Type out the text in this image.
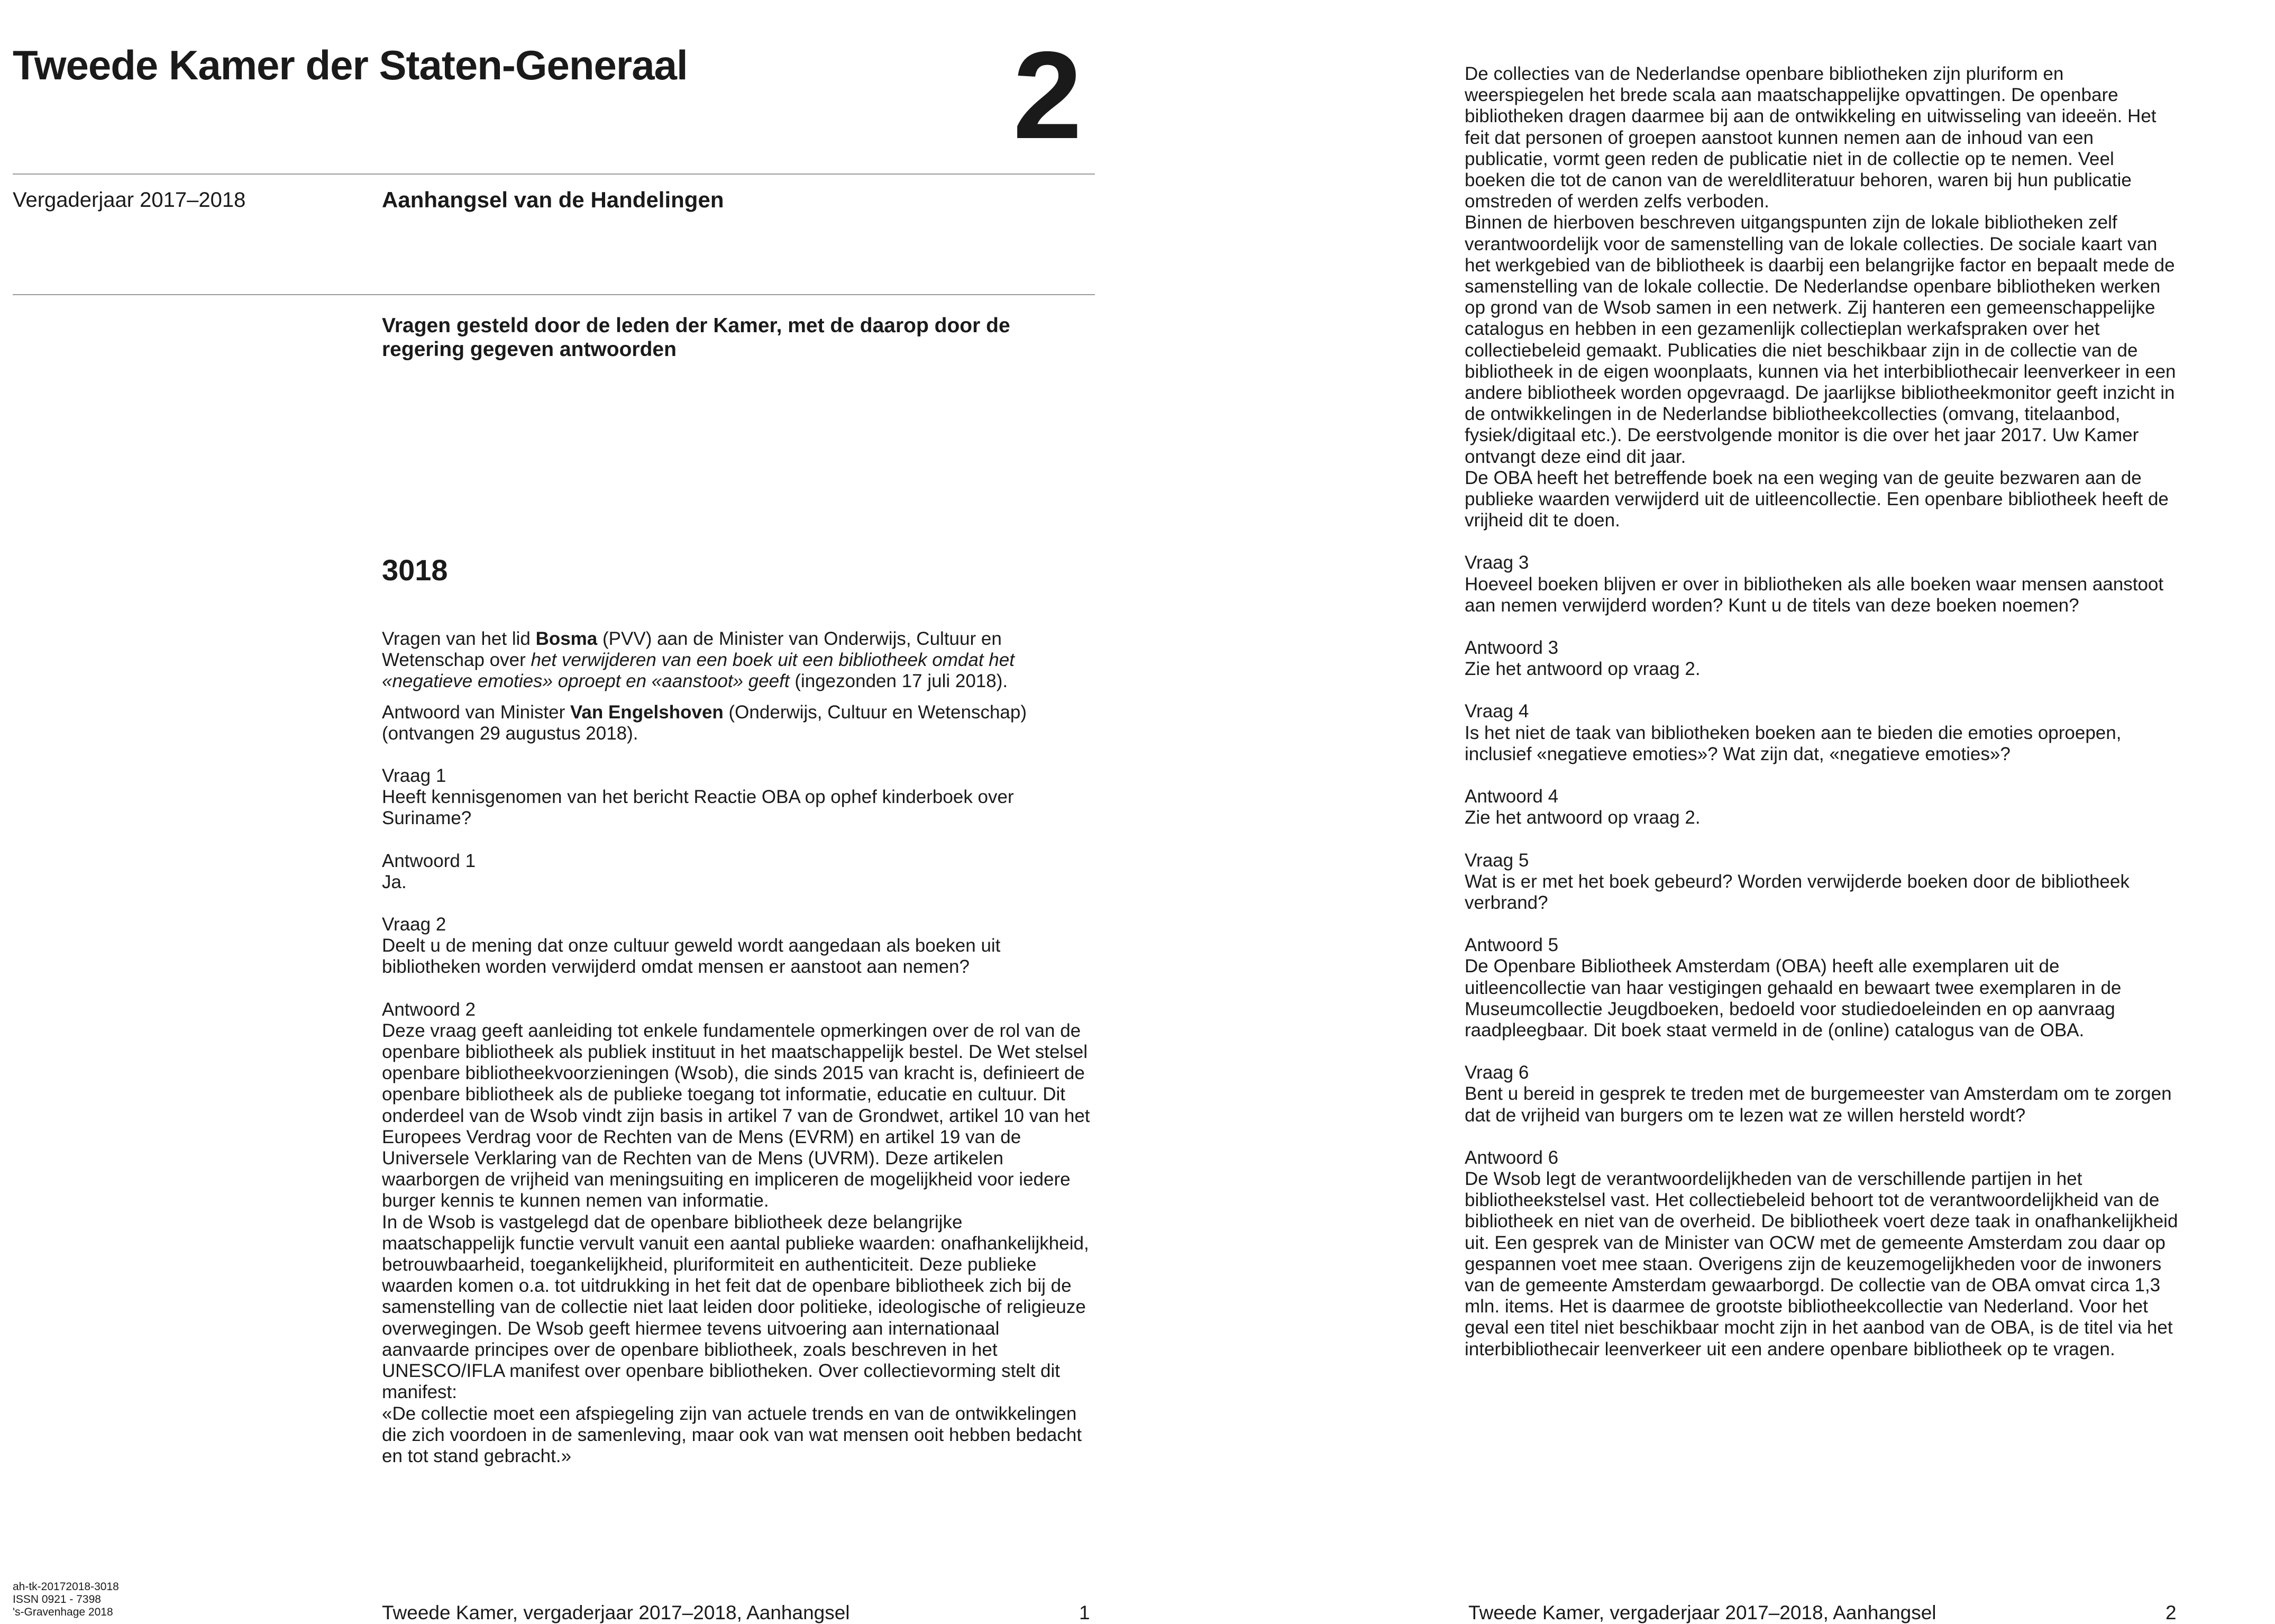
Tweede Kamer der Staten-Generaal	2
Vergaderjaar 2017–2018	Aanhangsel van de Handelingen
Vragen gesteld door de leden der Kamer, met de daarop door de regering gegeven antwoorden
3018

Vragen van het lid Bosma (PVV) aan de Minister van Onderwijs, Cultuur en Wetenschap over het verwijderen van een boek uit een bibliotheek omdat het «negatieve emoties» oproept en «aanstoot» geeft (ingezonden 17 juli 2018).

Antwoord van Minister Van Engelshoven (Onderwijs, Cultuur en Wetenschap) (ontvangen 29 augustus 2018).

Vraag 1

Heeft kennisgenomen van het bericht Reactie OBA op ophef kinderboek over Suriname?

Antwoord 1

Ja.

Vraag 2

Deelt u de mening dat onze cultuur geweld wordt aangedaan als boeken uit bibliotheken worden verwijderd omdat mensen er aanstoot aan nemen?

Antwoord 2

Deze vraag geeft aanleiding tot enkele fundamentele opmerkingen over de rol van de openbare bibliotheek als publiek instituut in het maatschappelijk bestel. De Wet stelsel openbare bibliotheekvoorzieningen (Wsob), die sinds 2015 van kracht is, definieert de openbare bibliotheek als de publieke toegang tot informatie, educatie en cultuur. Dit onderdeel van de Wsob vindt zijn basis in artikel 7 van de Grondwet, artikel 10 van het Europees Verdrag voor de Rechten van de Mens (EVRM) en artikel 19 van de Universele Verklaring van de Rechten van de Mens (UVRM). Deze artikelen waarborgen de vrijheid van meningsuiting en impliceren de mogelijkheid voor iedere burger kennis te kunnen nemen van informatie.

In de Wsob is vastgelegd dat de openbare bibliotheek deze belangrijke maatschappelijk functie vervult vanuit een aantal publieke waarden: onafhankelijkheid, betrouwbaarheid, toegankelijkheid, pluriformiteit en authenticiteit. Deze publieke waarden komen o.a. tot uitdrukking in het feit dat de openbare bibliotheek zich bij de samenstelling van de collectie niet laat leiden door politieke, ideologische of religieuze overwegingen. De Wsob geeft hiermee tevens uitvoering aan internationaal aanvaarde principes over de openbare bibliotheek, zoals beschreven in het UNESCO/IFLA manifest over openbare bibliotheken. Over collectievorming stelt dit manifest:

«De collectie moet een afspiegeling zijn van actuele trends en van de ontwikkelingen die zich voordoen in de samenleving, maar ook van wat mensen ooit hebben bedacht en tot stand gebracht.»

ah-tk-20172018-3018
ISSN 0921 - 7398
's-Gravenhage 2018	Tweede Kamer, vergaderjaar 2017–2018, Aanhangsel	1

De collecties van de Nederlandse openbare bibliotheken zijn pluriform en weerspiegelen het brede scala aan maatschappelijke opvattingen. De openbare bibliotheken dragen daarmee bij aan de ontwikkeling en uitwisseling van ideeën. Het feit dat personen of groepen aanstoot kunnen nemen aan de inhoud van een publicatie, vormt geen reden de publicatie niet in de collectie op te nemen. Veel boeken die tot de canon van de wereldliteratuur behoren, waren bij hun publicatie omstreden of werden zelfs verboden.

Binnen de hierboven beschreven uitgangspunten zijn de lokale bibliotheken zelf verantwoordelijk voor de samenstelling van de lokale collecties. De sociale kaart van het werkgebied van de bibliotheek is daarbij een belangrijke factor en bepaalt mede de samenstelling van de lokale collectie. De Nederlandse openbare bibliotheken werken op grond van de Wsob samen in een netwerk. Zij hanteren een gemeenschappelijke catalogus en hebben in een gezamenlijk collectieplan werkafspraken over het collectiebeleid gemaakt. Publicaties die niet beschikbaar zijn in de collectie van de bibliotheek in de eigen woonplaats, kunnen via het interbibliothecair leenverkeer in een andere bibliotheek worden opgevraagd. De jaarlijkse bibliotheekmonitor geeft inzicht in de ontwikkelingen in de Nederlandse bibliotheekcollecties (omvang, titelaanbod, fysiek/digitaal etc.). De eerstvolgende monitor is die over het jaar 2017. Uw Kamer ontvangt deze eind dit jaar.

De OBA heeft het betreffende boek na een weging van de geuite bezwaren aan de publieke waarden verwijderd uit de uitleencollectie. Een openbare bibliotheek heeft de vrijheid dit te doen.

Vraag 3

Hoeveel boeken blijven er over in bibliotheken als alle boeken waar mensen aanstoot aan nemen verwijderd worden? Kunt u de titels van deze boeken noemen?

Antwoord 3

Zie het antwoord op vraag 2.

Vraag 4

Is het niet de taak van bibliotheken boeken aan te bieden die emoties oproepen, inclusief «negatieve emoties»? Wat zijn dat, «negatieve emoties»?

Antwoord 4

Zie het antwoord op vraag 2.

Vraag 5

Wat is er met het boek gebeurd? Worden verwijderde boeken door de bibliotheek verbrand?

Antwoord 5

De Openbare Bibliotheek Amsterdam (OBA) heeft alle exemplaren uit de uitleencollectie van haar vestigingen gehaald en bewaart twee exemplaren in de Museumcollectie Jeugdboeken, bedoeld voor studiedoeleinden en op aanvraag raadpleegbaar. Dit boek staat vermeld in de (online) catalogus van de OBA.

Vraag 6

Bent u bereid in gesprek te treden met de burgemeester van Amsterdam om te zorgen dat de vrijheid van burgers om te lezen wat ze willen hersteld wordt?

Antwoord 6

De Wsob legt de verantwoordelijkheden van de verschillende partijen in het bibliotheekstelsel vast. Het collectiebeleid behoort tot de verantwoordelijkheid van de bibliotheek en niet van de overheid. De bibliotheek voert deze taak in onafhankelijkheid uit. Een gesprek van de Minister van OCW met de gemeente Amsterdam zou daar op gespannen voet mee staan. Overigens zijn de keuzemogelijkheden voor de inwoners van de gemeente Amsterdam gewaarborgd. De collectie van de OBA omvat circa 1,3 mln. items. Het is daarmee de grootste bibliotheekcollectie van Nederland. Voor het geval een titel niet beschikbaar mocht zijn in het aanbod van de OBA, is de titel via het interbibliothecair leenverkeer uit een andere openbare bibliotheek op te vragen.

Tweede Kamer, vergaderjaar 2017–2018, Aanhangsel	2
